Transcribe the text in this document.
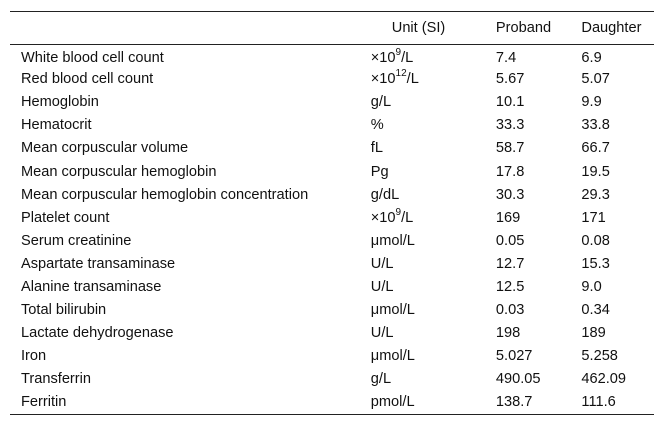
	Unit (SI)	Proband	Daughter
White blood cell count	$\times 10^9/L$	7.4	6.9
Red blood cell count	$\times 10^{12}/L$	5.67	5.07
Hemoglobin	g/L	10.1	9.9
Hematocrit	%	33.3	33.8
Mean corpuscular volume	fL	58.7	66.7
Mean corpuscular hemoglobin	Pg	17.8	19.5
Mean corpuscular hemoglobin concentration	g/dL	30.3	29.3
Platelet count	$\times 10^9/L$	169	171
Serum creatinine	μmol/L	0.05	0.08
Aspartate transaminase	U/L	12.7	15.3
Alanine transaminase	U/L	12.5	9.0
Total bilirubin	μmol/L	0.03	0.34
Lactate dehydrogenase	U/L	198	189
Iron	μmol/L	5.027	5.258
Transferrin	g/L	490.05	462.09
Ferritin	pmol/L	138.7	111.6
